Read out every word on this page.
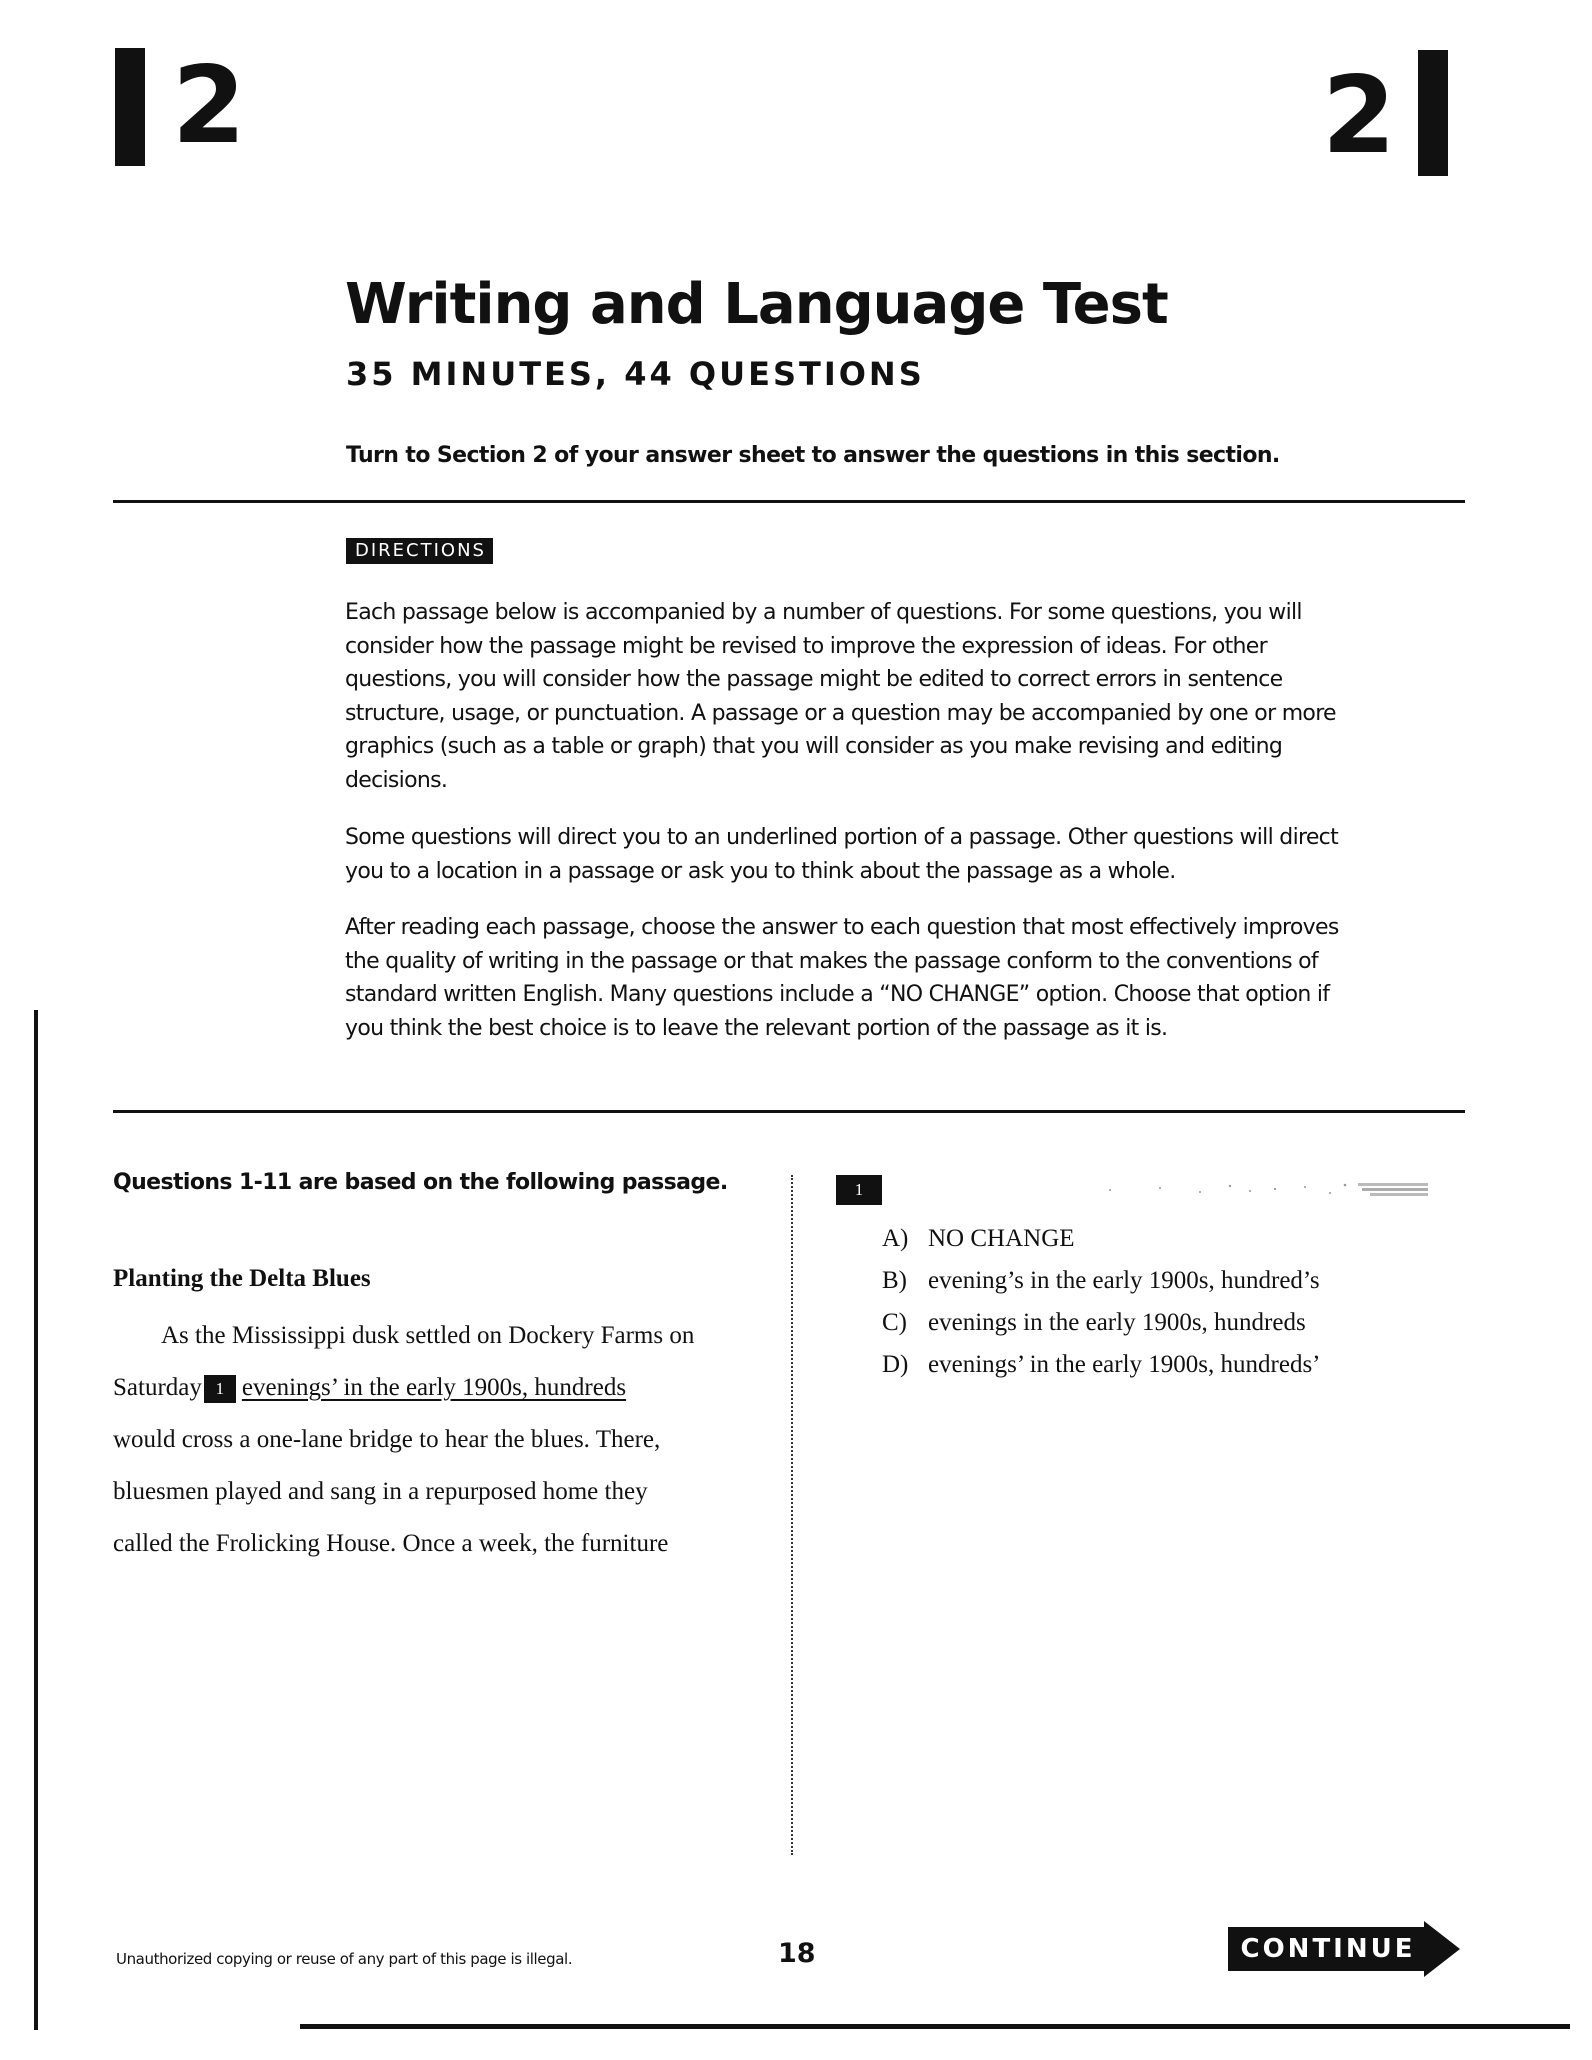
2	2
Writing and Language Test
35 MINUTES, 44 QUESTIONS
Turn to Section 2 of your answer sheet to answer the questions in this section.
DIRECTIONS

Each passage below is accompanied by a number of questions. For some questions, you will consider how the passage might be revised to improve the expression of ideas. For other questions, you will consider how the passage might be edited to correct errors in sentence structure, usage, or punctuation. A passage or a question may be accompanied by one or more graphics (such as a table or graph) that you will consider as you make revising and editing decisions.

Some questions will direct you to an underlined portion of a passage. Other questions will direct you to a location in a passage or ask you to think about the passage as a whole.

After reading each passage, choose the answer to each question that most effectively improves the quality of writing in the passage or that makes the passage conform to the conventions of standard written English. Many questions include a “NO CHANGE” option. Choose that option if you think the best choice is to leave the relevant portion of the passage as it is.

Questions 1-11 are based on the following passage.
Planting the Delta Blues
As the Mississippi dusk settled on Dockery Farms on
Saturday 1 evenings’ in the early 1900s, hundreds
would cross a one-lane bridge to hear the blues. There,
bluesmen played and sang in a repurposed home they
called the Frolicking House. Once a week, the furniture
1
A) NO CHANGE
B) evening’s in the early 1900s, hundred’s
C) evenings in the early 1900s, hundreds
D) evenings’ in the early 1900s, hundreds’
Unauthorized copying or reuse of any part of this page is illegal.	18	CONTINUE
